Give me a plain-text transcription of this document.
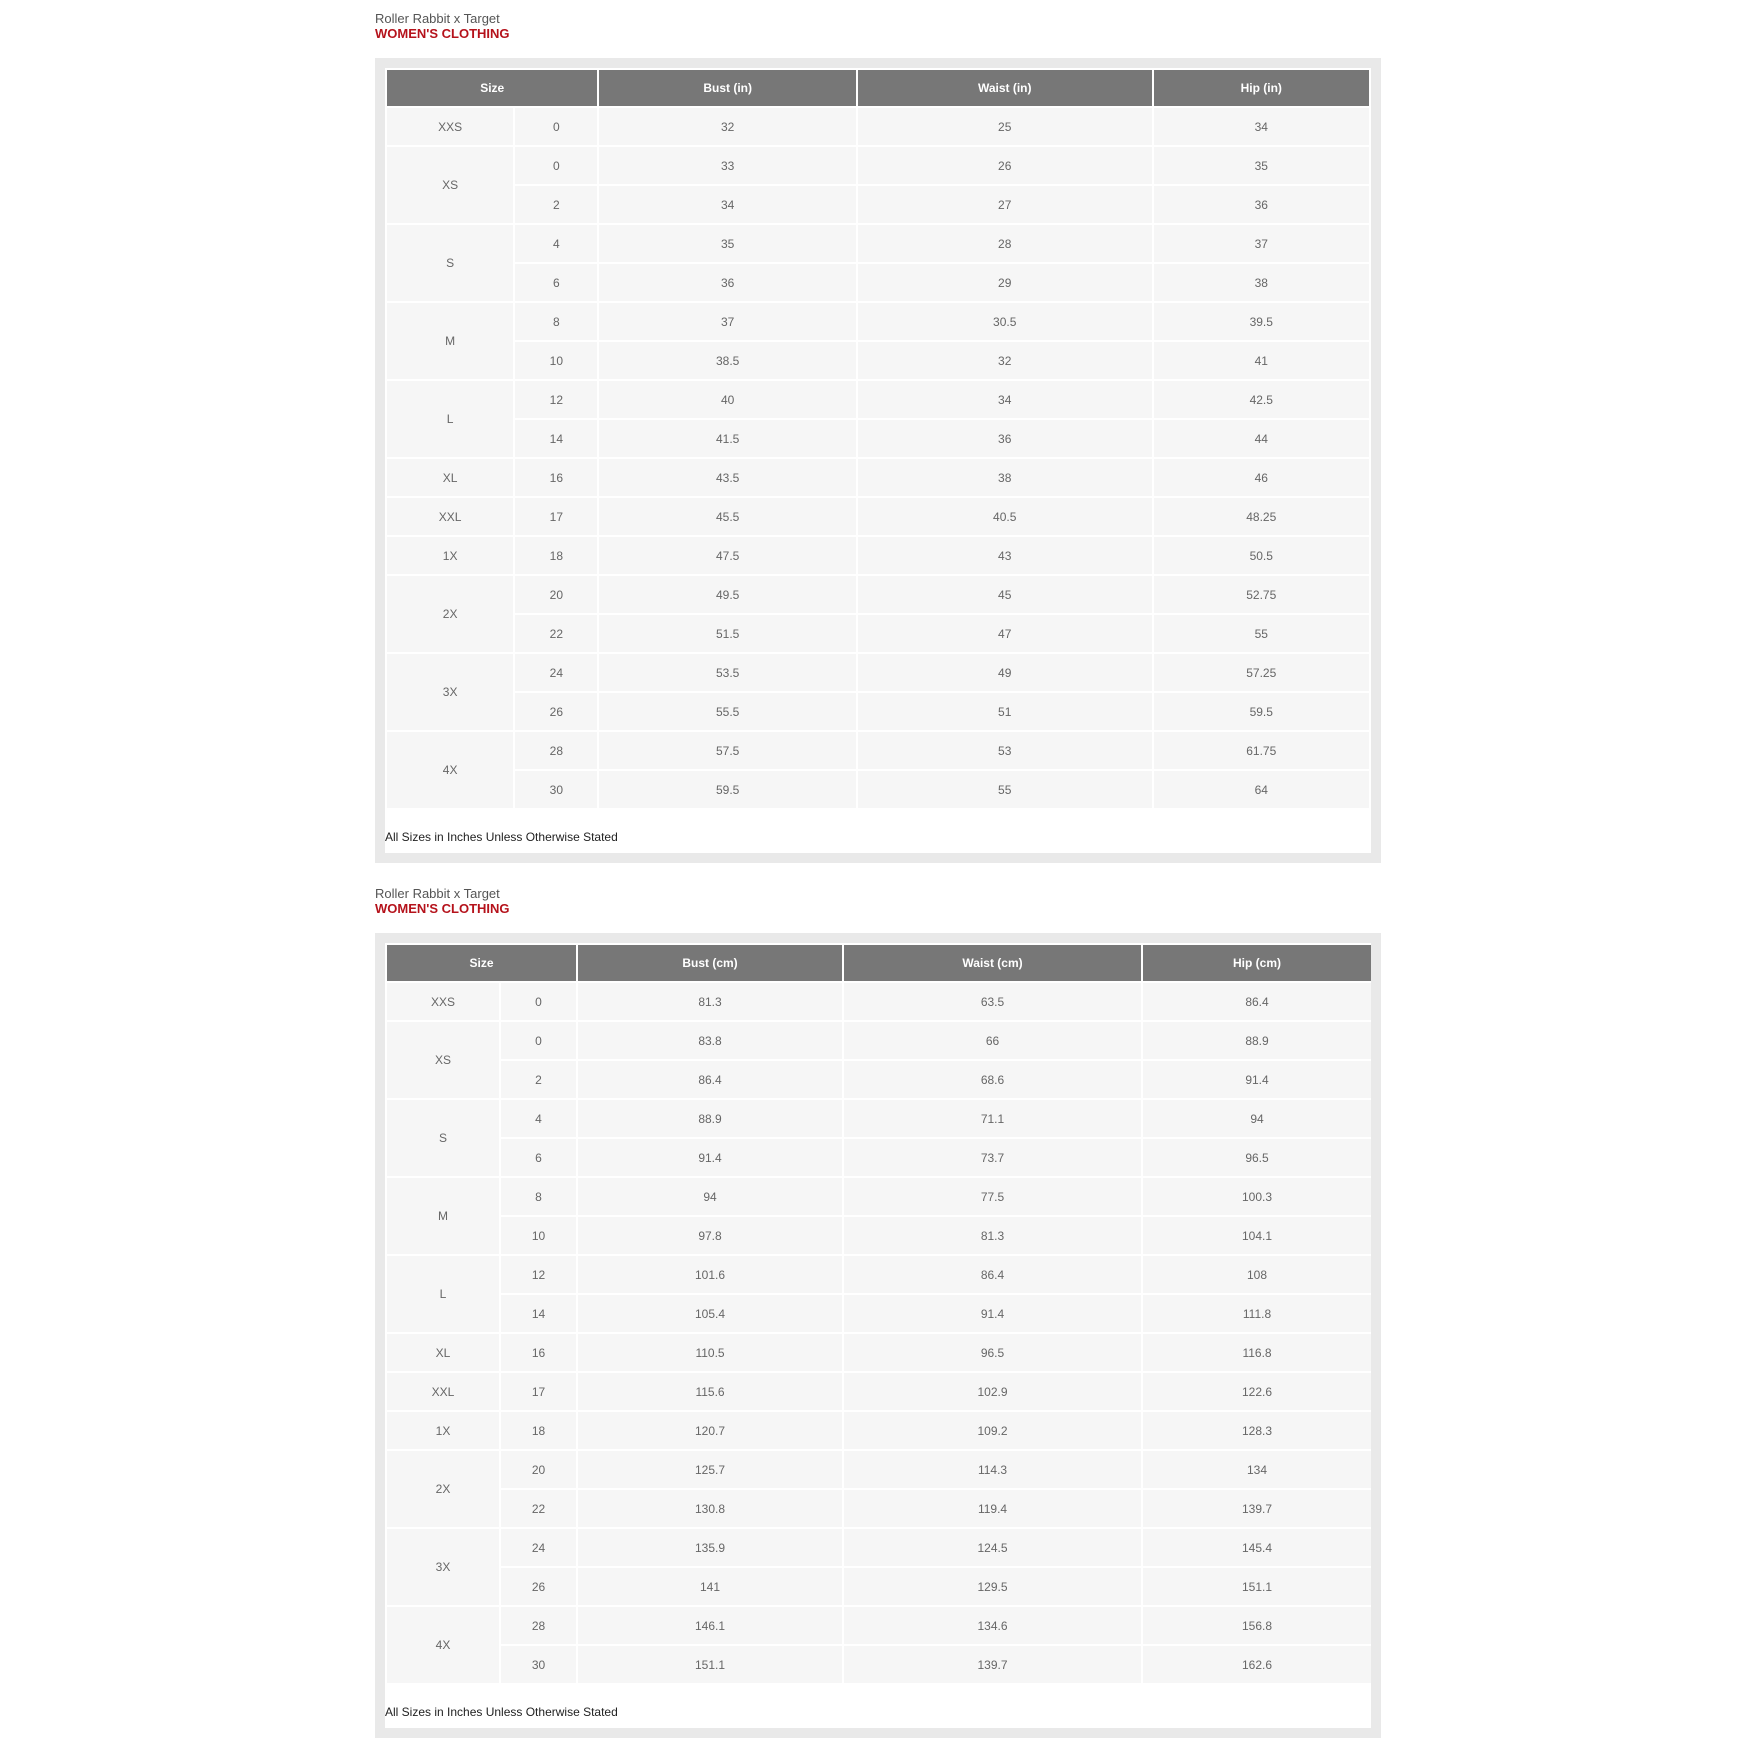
Roller Rabbit x Target
WOMEN'S CLOTHING
Size		Bust (in)	Waist (in)	Hip (in)
XXS	0	32	25	34
XS	0	33	26	35
	2	34	27	36
S	4	35	28	37
	6	36	29	38
M	8	37	30.5	39.5
	10	38.5	32	41
L	12	40	34	42.5
	14	41.5	36	44
XL	16	43.5	38	46
XXL	17	45.5	40.5	48.25
1X	18	47.5	43	50.5
2X	20	49.5	45	52.75
	22	51.5	47	55
3X	24	53.5	49	57.25
	26	55.5	51	59.5
4X	28	57.5	53	61.75
	30	59.5	55	64
All Sizes in Inches Unless Otherwise Stated
Roller Rabbit x Target
WOMEN'S CLOTHING
Size		Bust (cm)	Waist (cm)	Hip (cm)
XXS	0	81.3	63.5	86.4
XS	0	83.8	66	88.9
	2	86.4	68.6	91.4
S	4	88.9	71.1	94
	6	91.4	73.7	96.5
M	8	94	77.5	100.3
	10	97.8	81.3	104.1
L	12	101.6	86.4	108
	14	105.4	91.4	111.8
XL	16	110.5	96.5	116.8
XXL	17	115.6	102.9	122.6
1X	18	120.7	109.2	128.3
2X	20	125.7	114.3	134
	22	130.8	119.4	139.7
3X	24	135.9	124.5	145.4
	26	141	129.5	151.1
4X	28	146.1	134.6	156.8
	30	151.1	139.7	162.6
All Sizes in Inches Unless Otherwise Stated
